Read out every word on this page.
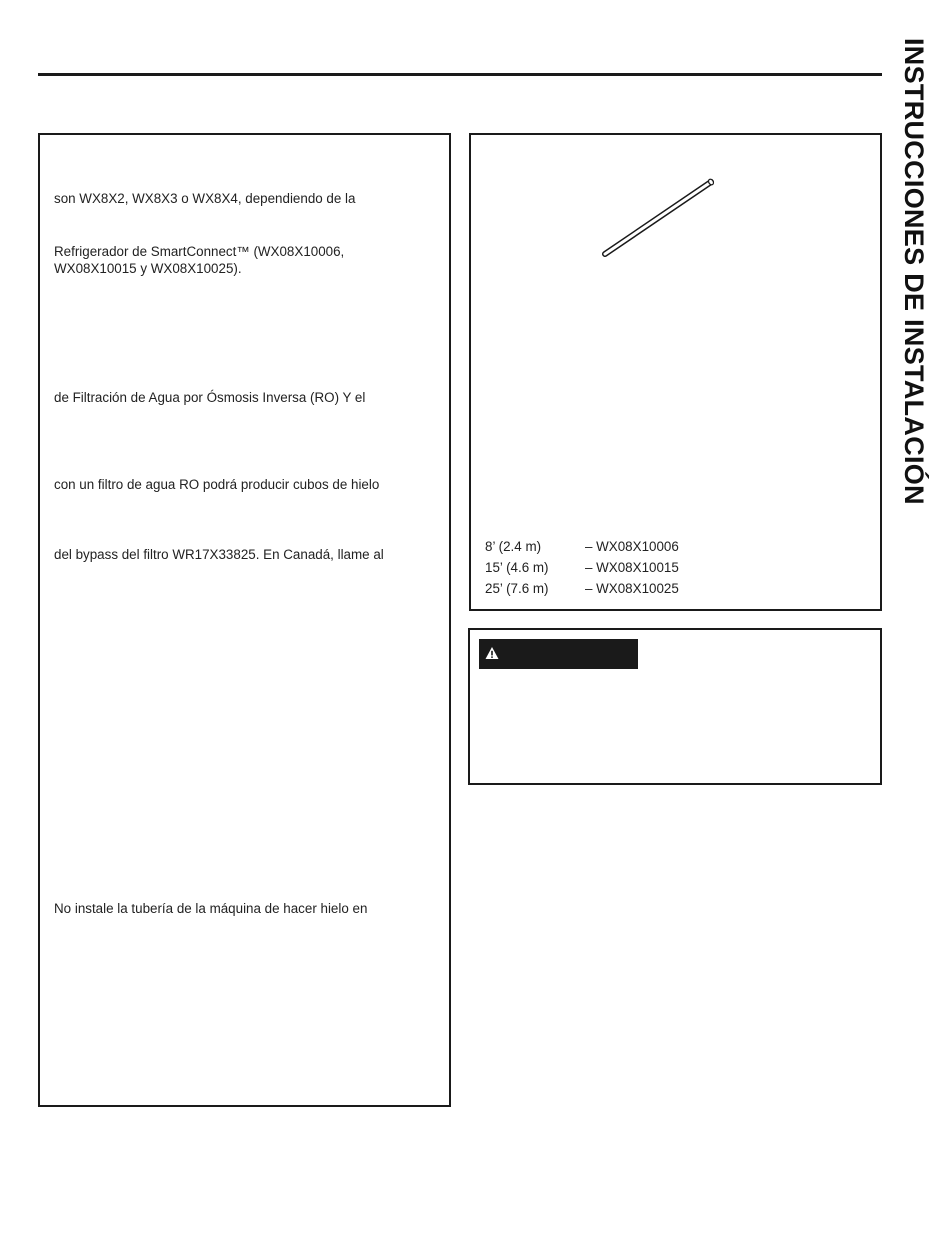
INSTRUCCIONES DE INSTALACIÓN
son WX8X2, WX8X3 o WX8X4, dependiendo de la
Refrigerador de SmartConnect™ (WX08X10006,
WX08X10015 y WX08X10025).
de Filtración de Agua por Ósmosis Inversa (RO) Y el
con un filtro de agua RO podrá producir cubos de hielo
del bypass del filtro WR17X33825. En Canadá, llame al
No instale la tubería de la máquina de hacer hielo en
8’ (2.4 m)	– WX08X10006
15’ (4.6 m)	– WX08X10015
25’ (7.6 m)	– WX08X10025
